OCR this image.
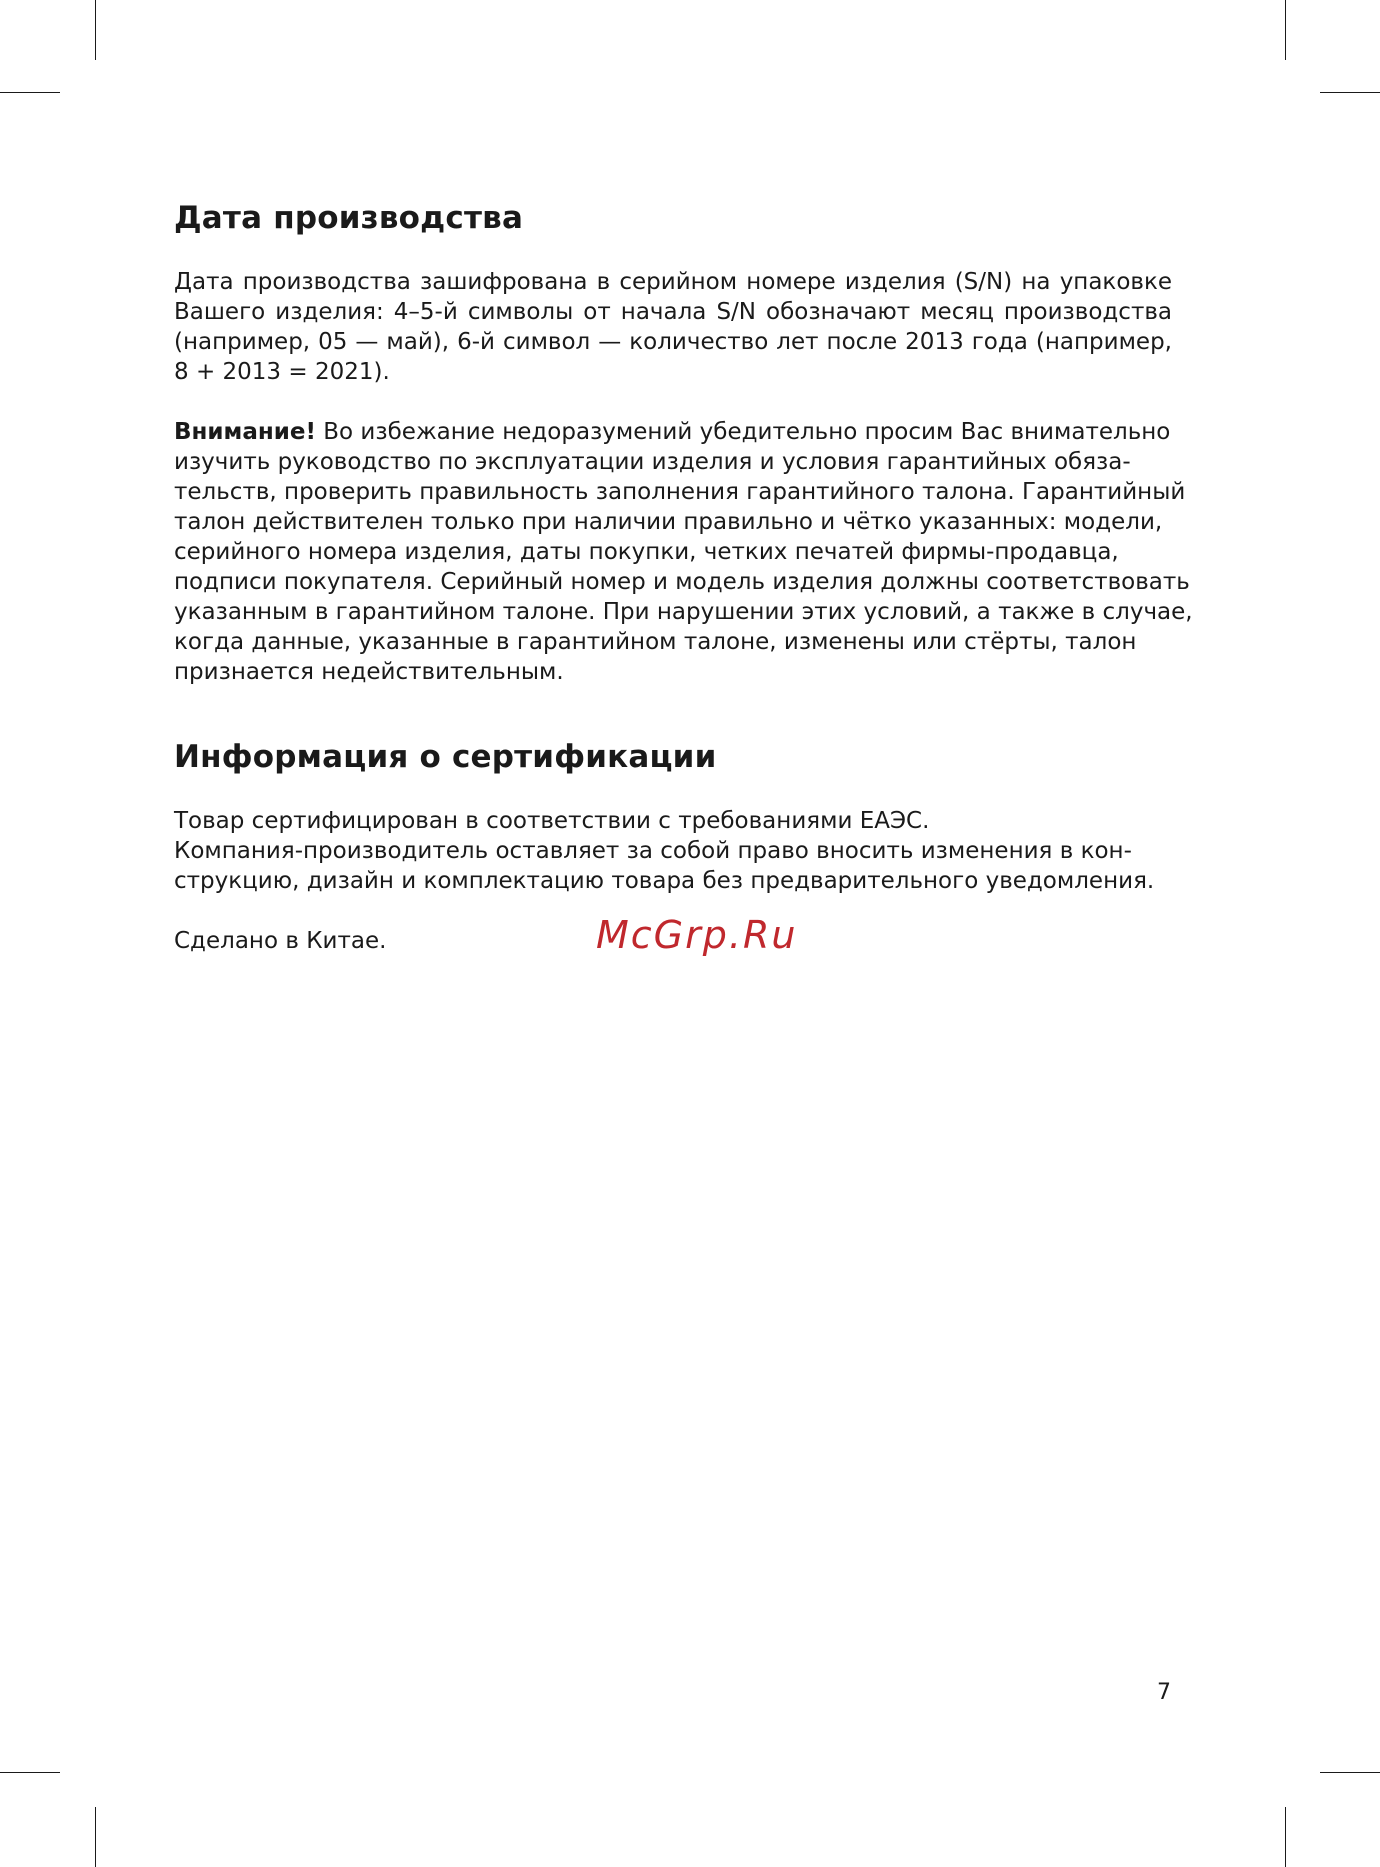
Дата производства

Дата производства зашифрована в серийном номере изделия (S/N) на упаковке

Вашего изделия: 4–5-й символы от начала S/N обозначают месяц производства

(например, 05 — май), 6-й символ — количество лет после 2013 года (например,

8 + 2013 = 2021).

Внимание! Во избежание недоразумений убедительно просим Вас внимательно

изучить руководство по эксплуатации изделия и условия гарантийных обяза-

тельств, проверить правильность заполнения гарантийного талона. Гарантийный

талон действителен только при наличии правильно и чётко указанных: модели,

серийного номера изделия, даты покупки, четких печатей фирмы-продавца,

подписи покупателя. Серийный номер и модель изделия должны соответствовать

указанным в гарантийном талоне. При нарушении этих условий, а также в случае,

когда данные, указанные в гарантийном талоне, изменены или стёрты, талон

признается недействительным.

Информация о сертификации

Товар сертифицирован в соответствии с требованиями ЕАЭС.

Компания-производитель оставляет за собой право вносить изменения в кон-

струкцию, дизайн и комплектацию товара без предварительного уведомления.

Сделано в Китае.	McGrp.Ru
7
